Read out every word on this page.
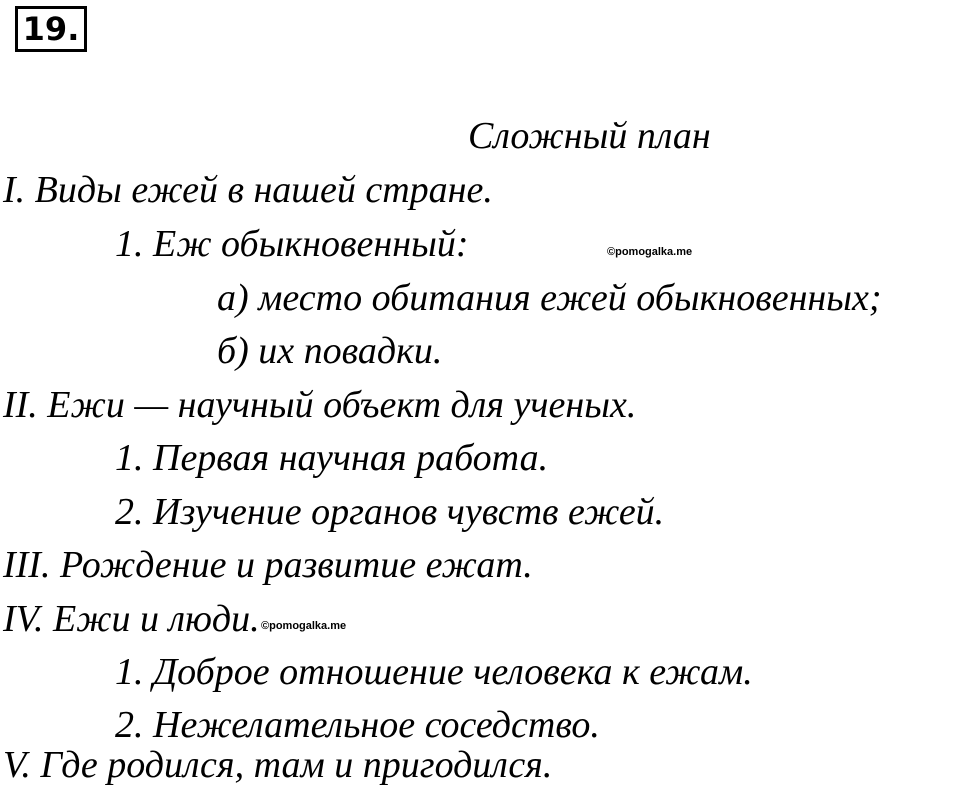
19.
Сложный план
I. Виды ежей в нашей стране.
1. Еж обыкновенный:
а) место обитания ежей обыкновенных;
б) их повадки.
II. Ежи — научный объект для ученых.
1. Первая научная работа.
2. Изучение органов чувств ежей.
III. Рождение и развитие ежат.
IV. Ежи и люди.
1. Доброе отношение человека к ежам.
2. Нежелательное соседство.
V. Где родился, там и пригодился.
©pomogalka.me
©pomogalka.me
